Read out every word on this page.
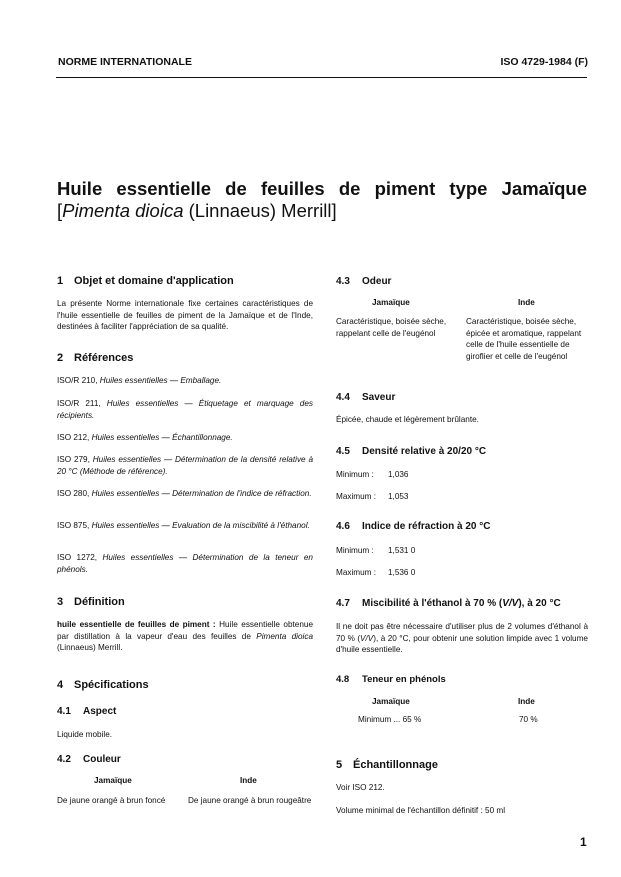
NORME INTERNATIONALE	ISO 4729-1984 (F)
Huile essentielle de feuilles de piment type Jamaïque
[Pimenta dioica (Linnaeus) Merrill]
1 Objet et domaine d'application
La présente Norme internationale fixe certaines caractéristiques de l'huile essentielle de feuilles de piment de la Jamaïque et de l'Inde, destinées à faciliter l'appréciation de sa qualité.
2 Références
ISO/R 210, Huiles essentielles — Emballage.
ISO/R 211, Huiles essentielles — Étiquetage et marquage des récipients.
ISO 212, Huiles essentielles — Échantillonnage.
ISO 279, Huiles essentielles — Détermination de la densité relative à 20 °C (Méthode de référence).
ISO 280, Huiles essentielles — Détermination de l'indice de réfraction.
ISO 875, Huiles essentielles — Evaluation de la miscibilité à l'éthanol.
ISO 1272, Huiles essentielles — Détermination de la teneur en phénols.
3 Définition
huile essentielle de feuilles de piment : Huile essentielle obtenue par distillation à la vapeur d'eau des feuilles de Pimenta dioica (Linnaeus) Merrill.
4 Spécifications
4.1 Aspect
Liquide mobile.
4.2 Couleur
Jamaïque	Inde
De jaune orangé à brun foncé	De jaune orangé à brun rougeâtre
4.3 Odeur
Jamaïque	Inde
Caractéristique, boisée sèche, rappelant celle de l'eugénol
Caractéristique, boisée sèche, épicée et aromatique, rappelant celle de l'huile essentielle de giroflier et celle de l'eugénol
4.4 Saveur
Épicée, chaude et légèrement brûlante.
4.5 Densité relative à 20/20 °C
Minimum : 1,036
Maximum : 1,053
4.6 Indice de réfraction à 20 °C
Minimum : 1,531 0
Maximum : 1,536 0
4.7 Miscibilité à l'éthanol à 70 % (V/V), à 20 °C
Il ne doit pas être nécessaire d'utiliser plus de 2 volumes d'éthanol à 70 % (V/V), à 20 °C, pour obtenir une solution limpide avec 1 volume d'huile essentielle.
4.8 Teneur en phénols
Jamaïque	Inde
Minimum ... 65 %	70 %
5 Échantillonnage
Voir ISO 212.
Volume minimal de l'échantillon définitif : 50 ml
1
